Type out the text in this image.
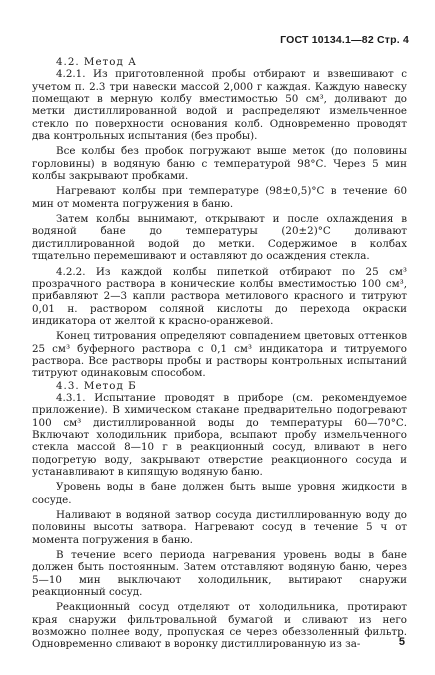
ГОСТ 10134.1—82 Стр. 4

4.2. Метод А

4.2.1. Из приготовленной пробы отбирают и взвешивают с учетом п. 2.3 три навески массой 2,000 г каждая. Каждую навеску помещают в мерную колбу вместимостью 50 см³, доливают до метки дистиллированной водой и распределяют измельченное стекло по поверхности основания колб. Одновременно проводят два контрольных испытания (без пробы).

Все колбы без пробок погружают выше меток (до половины горловины) в водяную баню с температурой 98°С. Через 5 мин колбы закрывают пробками.

Нагревают колбы при температуре (98±0,5)°С в течение 60 мин от момента погружения в баню.

Затем колбы вынимают, открывают и после охлаждения в водяной бане до температуры (20±2)°С доливают дистиллированной водой до метки. Содержимое в колбах тщательно перемешивают и оставляют до осаждения стекла.

4.2.2. Из каждой колбы пипеткой отбирают по 25 см³ прозрачного раствора в конические колбы вместимостью 100 см³, прибавляют 2—3 капли раствора метилового красного и титруют 0,01 н. раствором соляной кислоты до перехода окраски индикатора от желтой к красно-оранжевой.

Конец титрования определяют совпадением цветовых оттенков 25 см³ буферного раствора с 0,1 см³ индикатора и титруемого раствора. Все растворы пробы и растворы контрольных испытаний титруют одинаковым способом.

4.3. Метод Б

4.3.1. Испытание проводят в приборе (см. рекомендуемое приложение). В химическом стакане предварительно подогревают 100 см³ дистиллированной воды до температуры 60—70°С. Включают холодильник прибора, всыпают пробу измельченного стекла массой 8—10 г в реакционный сосуд, вливают в него подогретую воду, закрывают отверстие реакционного сосуда и устанавливают в кипящую водяную баню.

Уровень воды в бане должен быть выше уровня жидкости в сосуде.

Наливают в водяной затвор сосуда дистиллированную воду до половины высоты затвора. Нагревают сосуд в течение 5 ч от момента погружения в баню.

В течение всего периода нагревания уровень воды в бане должен быть постоянным. Затем отставляют водяную баню, через 5—10 мин выключают холодильник, вытирают снаружи реакционный сосуд.

Реакционный сосуд отделяют от холодильника, протирают края снаружи фильтровальной бумагой и сливают из него возможно полнее воду, пропуская се через обеззоленный фильтр. Одновременно сливают в воронку дистиллированную из за-	5
